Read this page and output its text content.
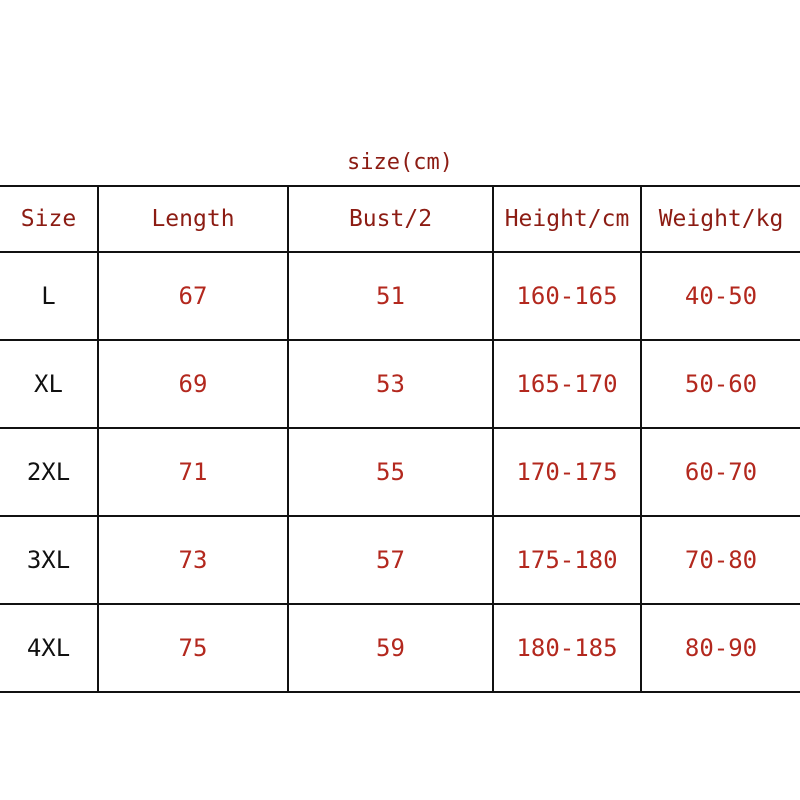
size(cm)
Size	Length	Bust/2	Height/cm	Weight/kg
L	67	51	160-165	40-50
XL	69	53	165-170	50-60
2XL	71	55	170-175	60-70
3XL	73	57	175-180	70-80
4XL	75	59	180-185	80-90
